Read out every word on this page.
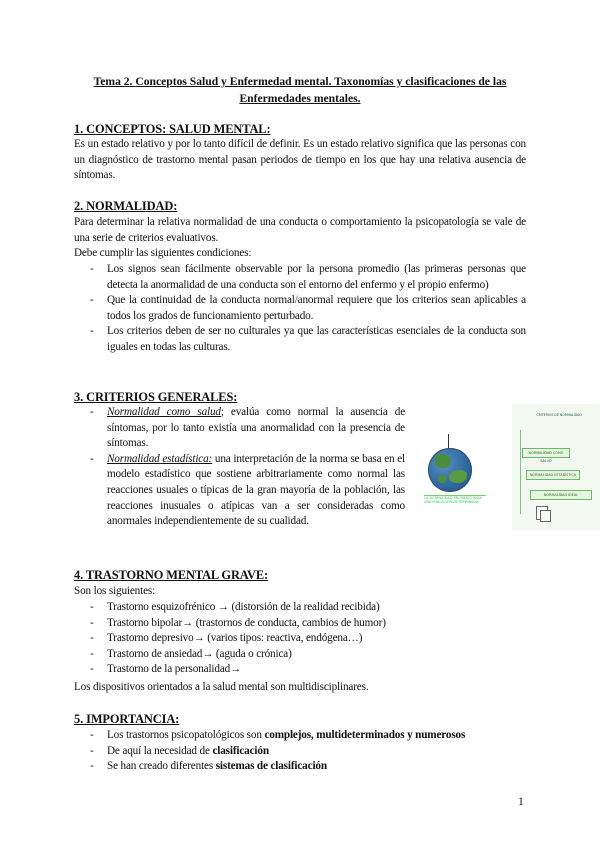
Tema 2. Conceptos Salud y Enfermedad mental. Taxonomías y clasificaciones de las Enfermedades mentales.
1. CONCEPTOS: SALUD MENTAL:
Es un estado relativo y por lo tanto difícil de definir. Es un estado relativo significa que las personas con un diagnóstico de trastorno mental pasan periodos de tiempo en los que hay una relativa ausencia de síntomas.
2. NORMALIDAD:
Para determinar la relativa normalidad de una conducta o comportamiento la psicopatología se vale de una serie de criterios evaluativos.
Debe cumplir las siguientes condiciones:
- Los signos sean fácilmente observable por la persona promedio (las primeras personas que detecta la anormalidad de una conducta son el entorno del enfermo y el propio enfermo)
- Que la continuidad de la conducta normal/anormal requiere que los criterios sean aplicables a todos los grados de funcionamiento perturbado.
- Los criterios deben de ser no culturales ya que las características esenciales de la conducta son iguales en todas las culturas.
3. CRITERIOS GENERALES:
- Normalidad como salud; evalúa como normal la ausencia de síntomas, por lo tanto existía una anormalidad con la presencia de síntomas.
- Normalidad estadística: una interpretación de la norma se basa en el modelo estadístico que sostiene arbitrariamente como normal las reacciones usuales o típicas de la gran mayoría de la población, las reacciones inusuales o atípicas van a ser consideradas como anormales independientemente de su cualidad.
LA NORMALIDAD PROMEDIO PARA UNA POBLACIÓN DETERMINADA
CRITERIOS DE NORMALIDAD
NORMALIDAD COMO SALUD
NORMALIDAD ESTADÍSTICA
NORMALIDAD IDEAL
4. TRASTORNO MENTAL GRAVE:
Son los siguientes:
- Trastorno esquizofrénico → (distorsión de la realidad recibida)
- Trastorno bipolar→ (trastornos de conducta, cambios de humor)
- Trastorno depresivo→ (varios tipos: reactiva, endógena…)
- Trastorno de ansiedad→ (aguda o crónica)
- Trastorno de la personalidad→
Los dispositivos orientados a la salud mental son multidisciplinares.
5. IMPORTANCIA:
- Los trastornos psicopatológicos son complejos, multideterminados y numerosos
- De aquí la necesidad de clasificación
- Se han creado diferentes sistemas de clasificación
1
